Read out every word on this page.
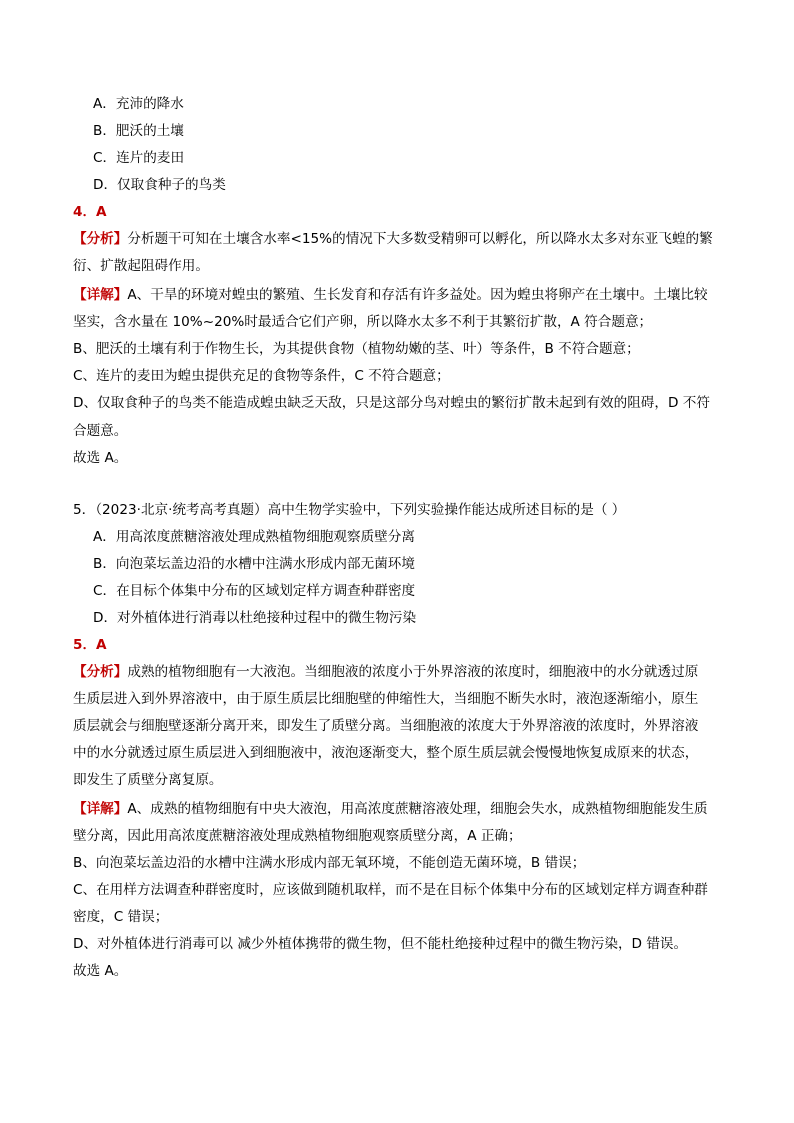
A．充沛的降水
B．肥沃的土壤
C．连片的麦田
D．仅取食种子的鸟类
4．A
【分析】分析题干可知在土壤含水率<15%的情况下大多数受精卵可以孵化，所以降水太多对东亚飞蝗的繁
衍、扩散起阻碍作用。
【详解】A、干旱的环境对蝗虫的繁殖、生长发育和存活有许多益处。因为蝗虫将卵产在土壤中。土壤比较
坚实，含水量在 10%~20%时最适合它们产卵，所以降水太多不利于其繁衍扩散，A 符合题意；
B、肥沃的土壤有利于作物生长，为其提供食物（植物幼嫩的茎、叶）等条件，B 不符合题意；
C、连片的麦田为蝗虫提供充足的食物等条件，C 不符合题意；
D、仅取食种子的鸟类不能造成蝗虫缺乏天敌，只是这部分鸟对蝗虫的繁衍扩散未起到有效的阻碍，D 不符
合题意。
故选 A。
5．（2023·北京·统考高考真题）高中生物学实验中，下列实验操作能达成所述目标的是（ ）
A．用高浓度蔗糖溶液处理成熟植物细胞观察质壁分离
B．向泡菜坛盖边沿的水槽中注满水形成内部无菌环境
C．在目标个体集中分布的区域划定样方调查种群密度
D．对外植体进行消毒以杜绝接种过程中的微生物污染
5．A
【分析】成熟的植物细胞有一大液泡。当细胞液的浓度小于外界溶液的浓度时，细胞液中的水分就透过原
生质层进入到外界溶液中，由于原生质层比细胞壁的伸缩性大，当细胞不断失水时，液泡逐渐缩小，原生
质层就会与细胞壁逐渐分离开来，即发生了质壁分离。当细胞液的浓度大于外界溶液的浓度时，外界溶液
中的水分就透过原生质层进入到细胞液中，液泡逐渐变大，整个原生质层就会慢慢地恢复成原来的状态，
即发生了质壁分离复原。
【详解】A、成熟的植物细胞有中央大液泡，用高浓度蔗糖溶液处理，细胞会失水，成熟植物细胞能发生质
壁分离，因此用高浓度蔗糖溶液处理成熟植物细胞观察质壁分离，A 正确；
B、向泡菜坛盖边沿的水槽中注满水形成内部无氧环境，不能创造无菌环境，B 错误；
C、在用样方法调查种群密度时，应该做到随机取样，而不是在目标个体集中分布的区域划定样方调查种群
密度，C 错误；
D、对外植体进行消毒可以 减少外植体携带的微生物，但不能杜绝接种过程中的微生物污染，D 错误。
故选 A。
